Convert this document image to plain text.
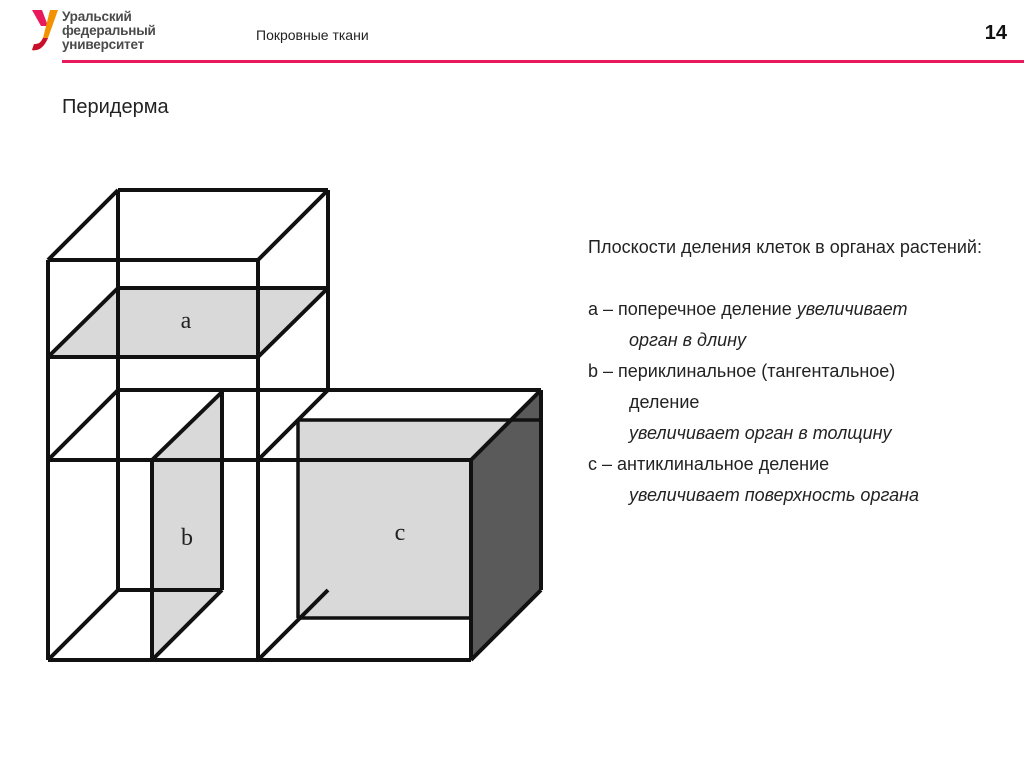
Уральский
федеральный
университет
Покровные ткани	14
Перидерма
a
b	c
Плоскости деления клеток в органах растений:
a – поперечное деление увеличивает
орган в длину
b – периклинальное (тангентальное)
деление
увеличивает орган в толщину
c – антиклинальное деление
увеличивает поверхность органа
